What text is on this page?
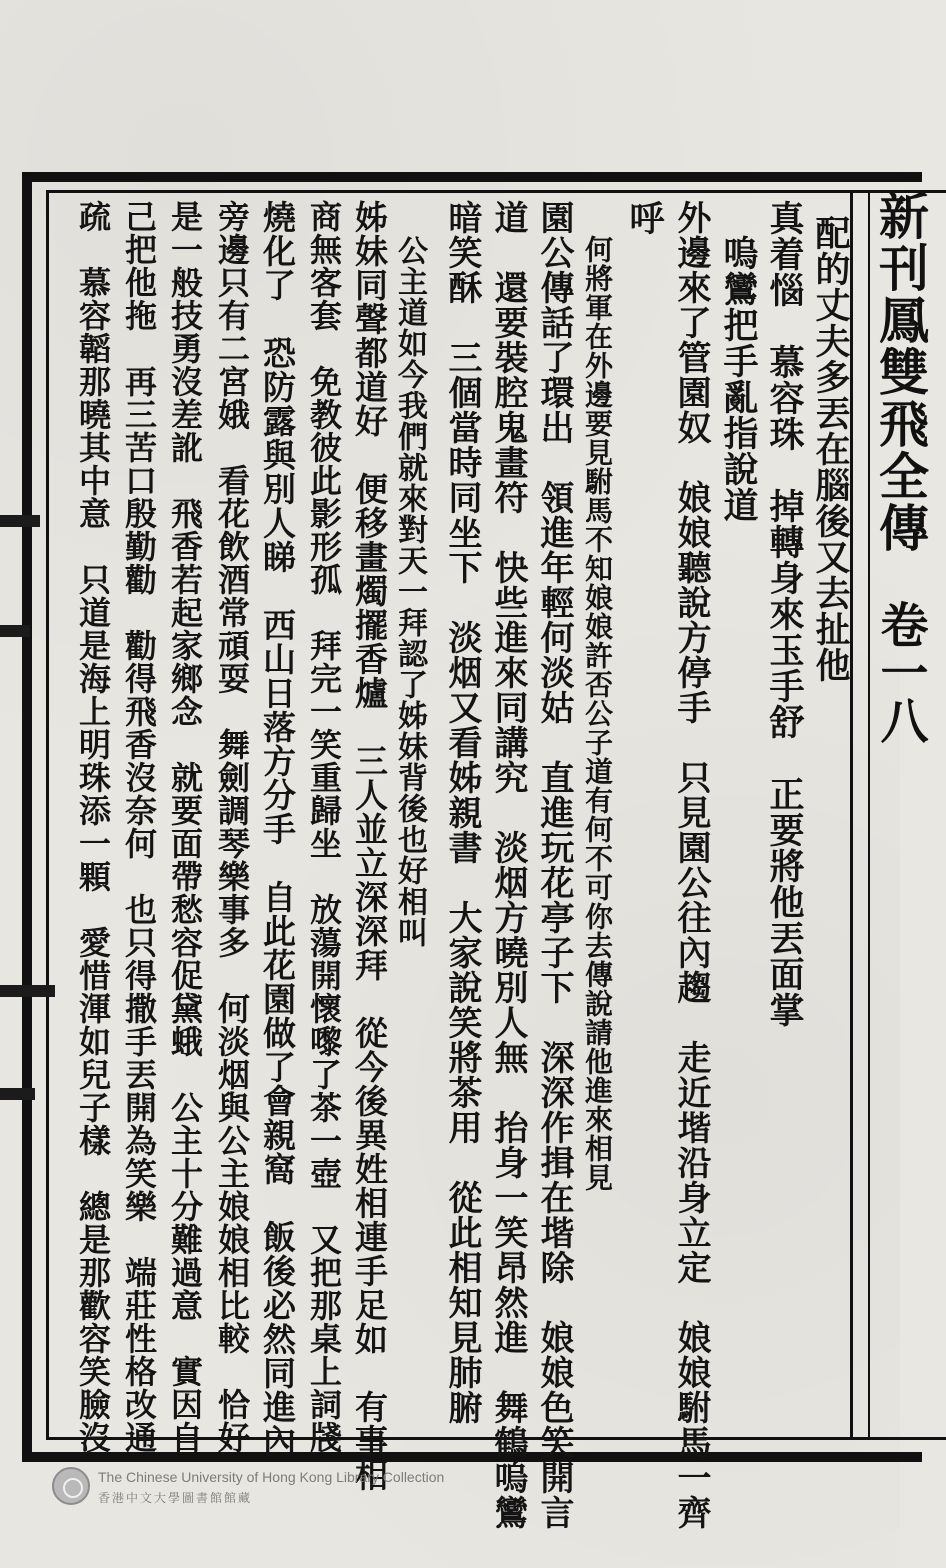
新刊鳳雙飛全傳
卷一八
配的丈夫多丟在腦後又去扯他
真着惱　慕容珠　掉轉身來玉手舒　正要將他丟面掌
嗚鸞把手亂指說道
外邊來了管園奴　娘娘聽說方停手　只見園公往內趨　走近堦沿身立定　娘娘駙馬一齊
呼
何將軍在外邊要見駙馬不知娘娘許否公子道有何不可你去傳說請他進來相見
園公傳話了環出　領進年輕何淡姑　直進玩花亭子下　深深作揖在堦除　娘娘色笑開言
道　還要裝腔鬼畫符　快些進來同講究　淡烟方曉別人無　抬身一笑昂然進　舞鶴嗚鸞
暗笑酥　三個當時同坐下　淡烟又看姊親書　大家說笑將茶用　從此相知見肺腑
公主道如今我們就來對天一拜認了姊妹背後也好相叫
姊妹同聲都道好　便移畫燭擺香爐　三人並立深深拜　從今後異姓相連手足如　有事相
商無客套　免教彼此影形孤　拜完一笑重歸坐　放蕩開懷嚟了茶一壺　又把那桌上詞牋
燒化了　恐防露與別人睇　西山日落方分手　自此花園做了會親窩　飯後必然同進內
旁邊只有二宮娥　看花飲酒常頑耍　舞劍調琴樂事多　何淡烟與公主娘娘相比較　恰好
是一般技勇沒差訛　飛香若起家鄉念　就要面帶愁容促黛蛾　公主十分難過意　實因自
己把他拖　再三苦口殷勤勸　勸得飛香沒奈何　也只得撒手丟開為笑樂　端莊性格改通
疏　慕容韜那曉其中意　只道是海上明珠添一顆　愛惜渾如兒子樣　總是那歡容笑臉沒
The Chinese University of Hong Kong Library Collection
香港中文大學圖書館館藏
